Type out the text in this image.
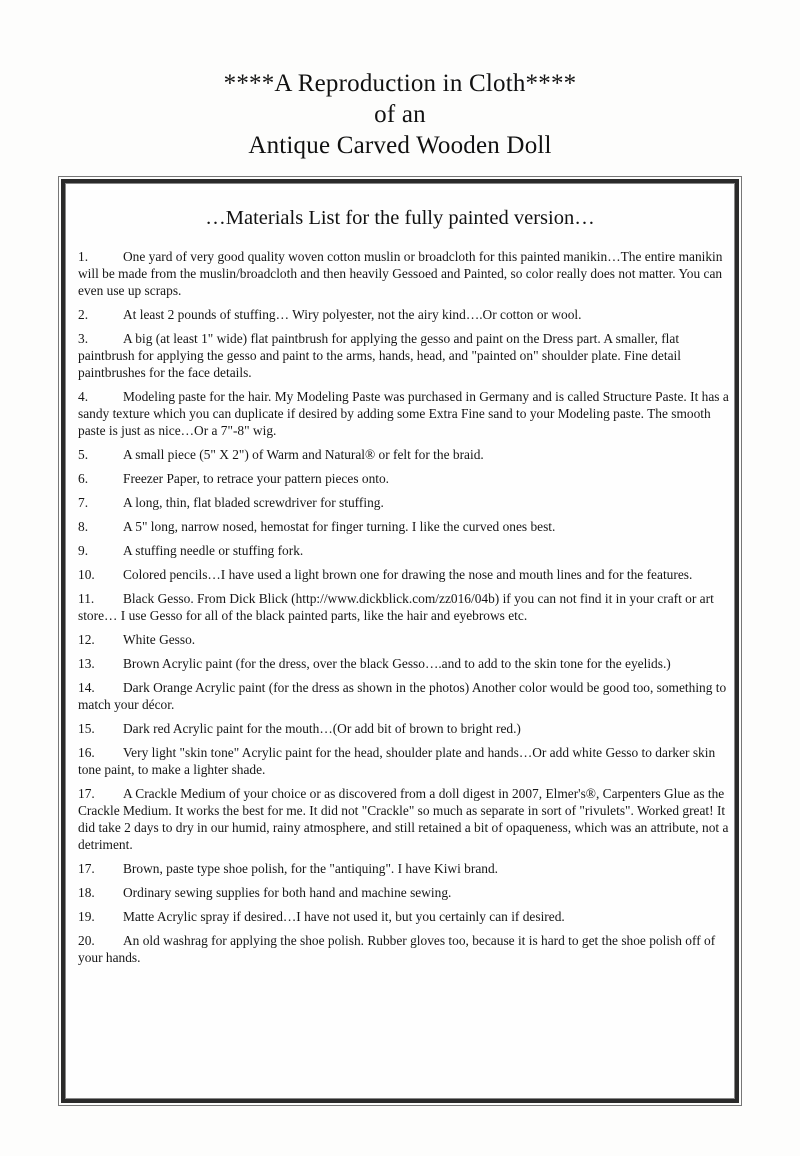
****A Reproduction in Cloth****
of an
Antique Carved Wooden Doll
…Materials List for the fully painted version…
1.	One yard of very good quality woven cotton muslin or broadcloth for this painted manikin…The entire manikin will be made from the muslin/broadcloth and then heavily Gessoed and Painted, so color really does not matter. You can even use up scraps.
2.	At least 2 pounds of stuffing… Wiry polyester, not the airy kind….Or cotton or wool.
3.	A big (at least 1" wide) flat paintbrush for applying the gesso and paint on the Dress part. A smaller, flat paintbrush for applying the gesso and paint to the arms, hands, head, and "painted on" shoulder plate. Fine detail paintbrushes for the face details.
4.	Modeling paste for the hair. My Modeling Paste was purchased in Germany and is called Structure Paste. It has a sandy texture which you can duplicate if desired by adding some Extra Fine sand to your Modeling paste. The smooth paste is just as nice…Or a 7"-8" wig.
5.	A small piece (5" X 2") of Warm and Natural® or felt for the braid.
6.	Freezer Paper, to retrace your pattern pieces onto.
7.	A long, thin, flat bladed screwdriver for stuffing.
8.	A 5" long, narrow nosed, hemostat for finger turning. I like the curved ones best.
9.	A stuffing needle or stuffing fork.
10. Colored pencils…I have used a light brown one for drawing the nose and mouth lines and for the features.
11. Black Gesso. From Dick Blick (http://www.dickblick.com/zz016/04b) if you can not find it in your craft or art store… I use Gesso for all of the black painted parts, like the hair and eyebrows etc.
12. White Gesso.
13. Brown Acrylic paint (for the dress, over the black Gesso….and to add to the skin tone for the eyelids.)
14. Dark Orange Acrylic paint (for the dress as shown in the photos) Another color would be good too, something to match your décor.
15. Dark red Acrylic paint for the mouth…(Or add bit of brown to bright red.)
16. Very light "skin tone" Acrylic paint for the head, shoulder plate and hands…Or add white Gesso to darker skin tone paint, to make a lighter shade.
17. A Crackle Medium of your choice or as discovered from a doll digest in 2007, Elmer's®, Carpenters Glue as the Crackle Medium. It works the best for me. It did not "Crackle" so much as separate in sort of "rivulets". Worked great! It did take 2 days to dry in our humid, rainy atmosphere, and still retained a bit of opaqueness, which was an attribute, not a detriment.
17. Brown, paste type shoe polish, for the "antiquing". I have Kiwi brand.
18. Ordinary sewing supplies for both hand and machine sewing.
19. Matte Acrylic spray if desired…I have not used it, but you certainly can if desired.
20. An old washrag for applying the shoe polish. Rubber gloves too, because it is hard to get the shoe polish off of your hands.
